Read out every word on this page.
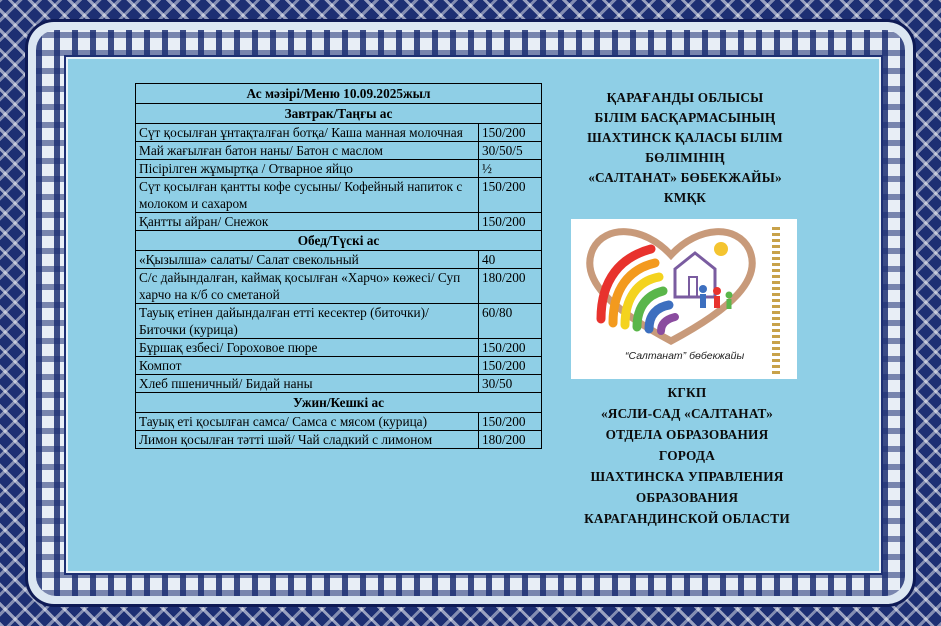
Ас мәзірі/Меню 10.09.2025жыл	
Завтрак/Таңғы ас	
Сүт қосылған ұнтақталған ботқа/ Каша манная молочная	150/200
Май жағылған батон наны/ Батон с маслом	30/50/5
Пісірілген жұмыртқа / Отварное яйцо	½
Сүт қосылған қантты кофе сусыны/ Кофейный напиток с молоком и сахаром	150/200
Қантты айран/ Снежок	150/200
Обед/Түскі ас	
«Қызылша» салаты/ Салат свекольный	40
С/с дайындалған, каймақ қосылған «Харчо» көжесі/ Суп харчо на к/б со сметаной	180/200
Тауық етінен дайындалған етті кесектер (биточки)/ Биточки (курица)	60/80
Бұршақ езбесі/ Гороховое пюре	150/200
Компот	150/200
Хлеб пшеничный/ Бидай наны	30/50
Ужин/Кешкі ас	
Тауық еті қосылған самса/ Самса с мясом (курица)	150/200
Лимон қосылған тәтті шәй/ Чай сладкий с лимоном	180/200
ҚАРАҒАНДЫ ОБЛЫСЫ
БІЛІМ БАСҚАРМАСЫНЫҢ
ШАХТИНСК ҚАЛАСЫ БІЛІМ
БӨЛІМІНІҢ
«САЛТАНАТ» БӨБЕКЖАЙЫ»
КМҚК
“Салтанат” бөбекжайы
КГКП
«ЯСЛИ-САД «САЛТАНАТ»
ОТДЕЛА ОБРАЗОВАНИЯ
ГОРОДА
ШАХТИНСКА УПРАВЛЕНИЯ
ОБРАЗОВАНИЯ
КАРАГАНДИНСКОЙ ОБЛАСТИ
